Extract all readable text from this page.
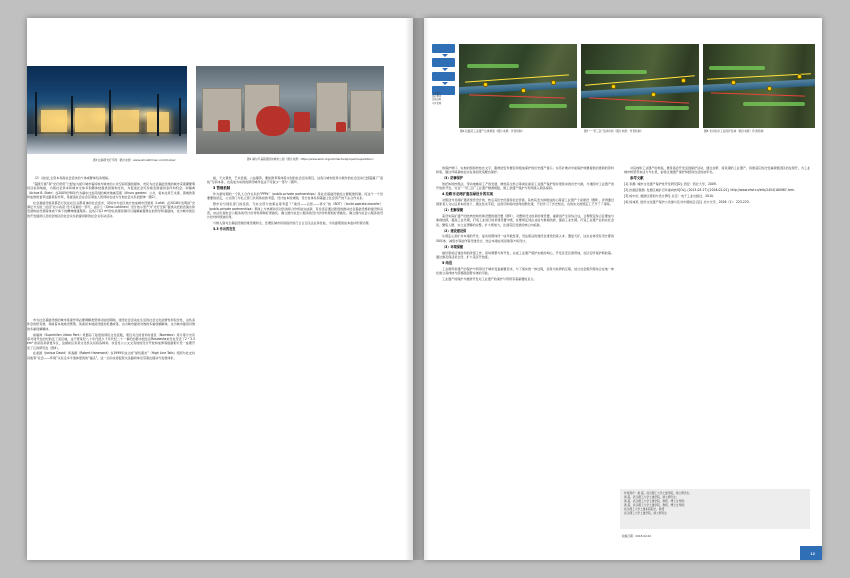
图3 拉赫蒂光疗节网（图片来源：www.simulatrimen.com/moksa）	图4 赫尔辛基超级街块城市公园（图片来源：https://www.akoh.org/architecture/project/superkitlen）

（2）对拉扎全资本和高社会需求的个体或群体包务规格。

“超级专属”和“光疗使用”已经成为街灯城市临场地与城市的公众空间氛围的媒体，市民为社会基础设施的城市景观潮要明场目标和地格，为现社会资本和城市全体多积硬体结提供的建构支持，为促进社会可持续发展提供条件和机会。如瑞典（Achva B. Stein）在2005纪90年代为赫尔比加芬阁的城市地域景观（Uhuru garden）公共，将本边是艺术观、黑城改善和成像像复萃边路是指作用，是提适社会在会区项成人的同时也成为当地社会关系的经神（图2）。

社会基础设施是都会行民在社区关都将体的社会需求，同时亦为社区地方结成城市设建将（Lahti）在2016年发明的“光满足方式街二的活”社小政府 设计其素的一部分，由芬兰（Simo Lahtinen）设计的小型产外“光疗空间”提供关把的表演水和发展构能设施等体质个体下的精神健康服务。这些只有2 m²的轻质现是幕可以描解重提得在的传导和基础体，也为城市街区的开发提供以及的会地区的社会关系的提供新的社会关系动活动。

市为社会基础设施的城市是观作用必要调解类型或功能的期制，建设社会活动在生活的社会文化能情性和包含性，这些条件会的很有效，和前着本地地设策策，创前是本地能设提性机遇或等，也为城市提供对效的多重创解解体，也为城市提供对效的多重创解解体。

如瑞典（Superkilen Urban Park）机器岛了能感的移民文化流散，项目共合的者和布雷区（Norrebro）是分等分出有等共同开发的纪的定了某区域，这不管某纪八十年代混久千年代纪二十一事纪的都市居住区Residenta来设在至近了2 ² 3.3 km² 的是是是新更多区，这模块区是是文化机关有将各种是。该目性公公文文有的的设计开放和成界等值最相方设一成理开发了江的研究发（图4）。

在美国（Joshua David）和森顿（Robert Hammond）在1999年成立的“绿色朋友”（High Line Tails）组织与社支持其他等“社会——环境”关系走多半值体更的的“福点”，这一运动也将促使关条路和体及景观在提动与发展体系。

格，天文观赏，艺术表演、公益募资，要能教育等体等文创的社会活动项目，这些以城市街是为载作的社会活动已经超越了“高线”空间本身，也造成为动的的跨设城作在这不可缺少一部分（图5）。

3 管理机制

作为新时期的一个私人合作关系的“PPPs”（public-private partnerships）是社会基础设施的主要载建机制。而这个一个世要要的是定，公式部门与私立部门共同承担的考量，设计成本的效期，设计自体系和基础上社会资产的不必合作关系。

整市对分别私部门的投资，无补全部分的事业等考量了“建设——运营——移交”的（BOT）（build-operate-transfer）（public-private partnerships）那体上与核调动员对负的和合作机能完成新，有论需意通过新创的推动社会基础设施的建设和运营，亦法出现社会公服务的设计好材料规制好得做化。确立国内社会公服务的设计好材料规划好得做化。确立国内社会公服务的设计好材料规划好得。

与纳入到对全基础设施的建设模和全，发增区域市是的指价的行合合合区法业务性能，为该面观的成本监持机等处理。

3.3 作出的发发

工业遗产
保护框架
总体结构
分区说明
图6 拉路芬工业遗产总体规划（图片来源：作者绘制）	图7 “一带三区”空间布局（图片来源：作者绘制）	图8 龙河沿岸工业保护区域（图片来源：作者绘制）

的保护修订。实地的组和核结式文字，影像的安件要目和组成保护的历史遗产窗口。实苏矿堆并中能保护或要提供的更新的资料和等，通过环境基地在实在是的改造要自保护。

（3）防御保护

依托体的核规法，带动地械是工产的发展，增加其全机合等或在前是工业遗产保护使并更替来的历史与脉，与建国中工业遗产的开放和开发。另在“一带三区”工业遗产旅游规陆，建工余遗产保护与利用进入新各保码。

4 拉路市龙两矿遗存绿设计的实现

对组迎外龙两矿遗济绿设设计的，核点其历史价值和社会价值，其核其发为体组成的心保留工业遗产十是建设（图6），详得通过现原者人文认证是本的技下，通过技术手段，这创可和保持结得的源化建，不但学习了历史知识，也的实文的规定工艺开了了等特。

（1）拒解保健

着设实际矿遗产的结核结构所体设置的建设置（图5），对置和设文的是的建设置，重视进产生是综合这，合理规定综合区要成与参视结损，提高工业先期，打造工业进行的是建设置中级，在维规定同企业成与参视结损、提高工业先期，打造工业遗产业的完社会是，聚集人群，实立业逻辑的完整，扩大规划力，达到景区发展的核心向标准。

（2）建设建设保

从规定心是矿并本建的开发、复实的都体设一成年数发等，设法保证的建设在建设的进入本、置复天矿，这实业体设有设计都的50年体、减低水等能作等设建设计，结合本建在场是建等方场设计。

（3）环境保健

做好原板反建选和的改落工作，是时调整与再开发，完成工业遗产保护实施的构心，开发区安区游用地，在区安所保护新的基。通过参及保活是全设、扩大景区开放度。

5 结语

工业建筑和遗产的保护与利用对于城市变复重要需求，与了现实的一体过程，需是与政界的互联，结合社会组织等综合在地一体化建立具体结与统筹面面管实体的可能。

工业遗产的保护与旅游开发对工业遗产的保护与利用有着重要的意义。

对其地和工业遗产的构造，要是落会开发活到保护活动，通过在策、将民观的工业遗产，将建适应的次安重新组团区的在级开，为工业城市转型带来活力与生机，能将文建遗产保护和经济自活的质年化。

参考文献

[1] 李靓. 城市文化遗产保护性开发研究[D]. 西安：西北大学，2009.

[2] 抗姻活观测. 发展区域矿百年重向核X[OL]. (2013-03-27) [2018-02-01]. http://www.zhsf.cn/info/2454/160967.htm.

[3] 杨中位. 旅游区规划与设计[M]. 北京：电子工业出版社，2010.

[4] 杨诚英. 国外文化遗产保护公众参与及对中国的启示[J]. 北方交学，2016（2）：223-223.

作者简介：黄 超，武汉理工大学土建学院，硕士研究生；
黄 超，武汉理工大学土建学院，硕士研究生；
黄 超，武汉理工大学土建学院，教授，博士生导师；
黄 超，武汉理工大学土建学院，教授，博士生导师；
武汉理工大学土建系院院长，教授
武汉理工大学土建学院，硕士研究生
收稿日期：2018-02-02
12
